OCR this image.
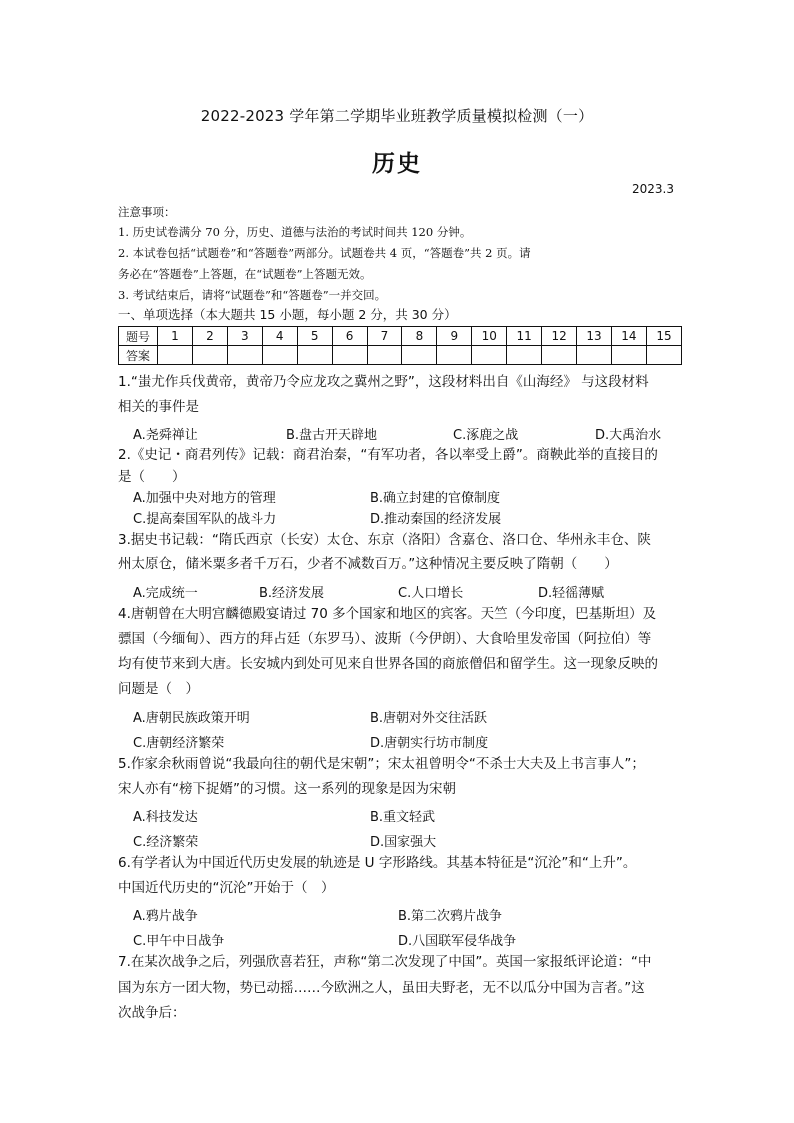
2022-2023 学年第二学期毕业班教学质量模拟检测（一）
历史
2023.3
注意事项：
1. 历史试卷满分 70 分，历史、道德与法治的考试时间共 120 分钟。
2. 本试卷包括“试题卷”和“答题卷”两部分。试题卷共 4 页，“答题卷”共 2 页。请
务必在“答题卷”上答题，在“试题卷”上答题无效。
3. 考试结束后，请将“试题卷”和“答题卷”一并交回。
一、单项选择（本大题共 15 小题，每小题 2 分，共 30 分）
题号	1	2	3	4	5	6	7	8	9	10	11	12	13	14	15
答案															
1.“蚩尤作兵伐黄帝，黄帝乃令应龙攻之冀州之野”，这段材料出自《山海经》 与这段材料
相关的事件是
A.尧舜禅让	B.盘古开天辟地	C.涿鹿之战	D.大禹治水
2.《史记・商君列传》记载：商君治秦，“有军功者，各以率受上爵”。商鞅此举的直接目的
是（　　）
A.加强中央对地方的管理	B.确立封建的官僚制度
C.提高秦国军队的战斗力	D.推动秦国的经济发展
3.据史书记载：“隋氏西京（长安）太仓、东京（洛阳）含嘉仓、洛口仓、华州永丰仓、陕
州太原仓，储米粟多者千万石，少者不减数百万。”这种情况主要反映了隋朝（　　）
A.完成统一	B.经济发展	C.人口增长	D.轻徭薄赋
4.唐朝曾在大明宫麟德殿宴请过 70 多个国家和地区的宾客。天竺（今印度，巴基斯坦）及
骠国（今缅甸）、西方的拜占廷（东罗马）、波斯（今伊朗）、大食哈里发帝国（阿拉伯）等
均有使节来到大唐。长安城内到处可见来自世界各国的商旅僧侣和留学生。这一现象反映的
问题是（　）
A.唐朝民族政策开明	B.唐朝对外交往活跃
C.唐朝经济繁荣	D.唐朝实行坊市制度
5.作家余秋雨曾说“我最向往的朝代是宋朝”；宋太祖曾明令“不杀士大夫及上书言事人”；
宋人亦有“榜下捉婿”的习惯。这一系列的现象是因为宋朝
A.科技发达	B.重文轻武
C.经济繁荣	D.国家强大
6.有学者认为中国近代历史发展的轨迹是 U 字形路线。其基本特征是“沉沦”和“上升”。
中国近代历史的“沉沦”开始于（　）
A.鸦片战争	B.第二次鸦片战争
C.甲午中日战争	D.八国联军侵华战争
7.在某次战争之后，列强欣喜若狂，声称“第二次发现了中国”。英国一家报纸评论道：“中
国为东方一团大物，势已动摇……今欧洲之人，虽田夫野老，无不以瓜分中国为言者。”这
次战争后：
